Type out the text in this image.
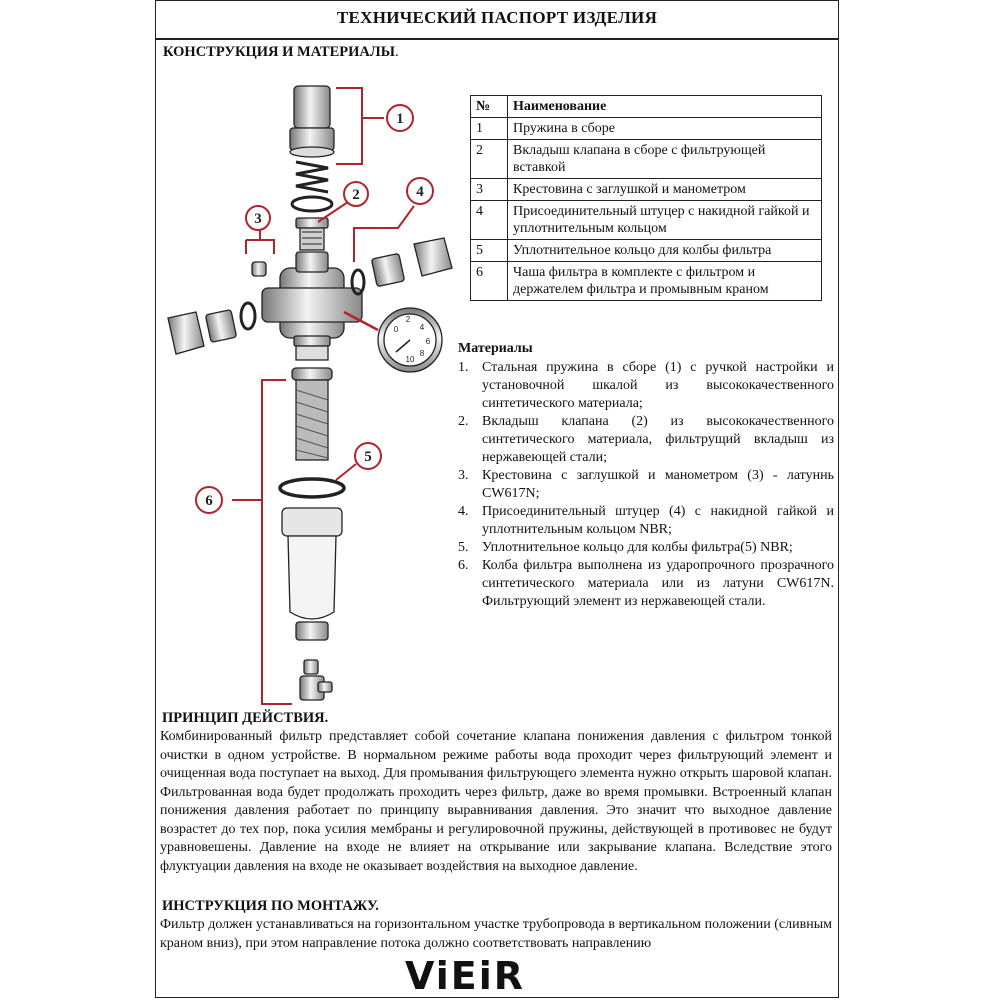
ТЕХНИЧЕСКИЙ ПАСПОРТ ИЗДЕЛИЯ
КОНСТРУКЦИЯ И МАТЕРИАЛЫ.
2
4
6
8
10
0
1
2
3
4
5
6
№	Наименование
1	Пружина в сборе
2	Вкладыш клапана в сборе с фильтрующей вставкой
3	Крестовина с заглушкой и манометром
4	Присоединительный штуцер с накидной гайкой и уплотнительным кольцом
5	Уплотнительное кольцо для колбы фильтра
6	Чаша фильтра в комплекте с фильтром и держателем фильтра и промывным краном
Материалы
1. Стальная пружина в сборе (1) с ручкой настройки и установочной шкалой из высококачественного синтетического материала;
2. Вкладыш клапана (2) из высококачественного синтетического материала, фильтрущий вкладыш из нержавеющей стали;
3. Крестовина с заглушкой и манометром (3) - латуннь CW617N;
4. Присоединительный штуцер (4) с накидной гайкой и уплотнительным кольцом NBR;
5. Уплотнительное кольцо для колбы фильтра(5) NBR;
6. Колба фильтра выполнена из ударопрочного прозрачного синтетического материала или из латуни CW617N. Фильтрующий элемент из нержавеющей стали.
ПРИНЦИП ДЕЙСТВИЯ.
Комбинированный фильтр представляет собой сочетание клапана понижения давления с фильтром тонкой очистки в одном устройстве. В нормальном режиме работы вода проходит через фильтрующий элемент и очищенная вода поступает на выход. Для промывания фильтрующего элемента нужно открыть шаровой клапан. Фильтрованная вода будет продолжать проходить через фильтр, даже во время промывки. Встроенный клапан понижения давления работает по принципу выравнивания давления. Это значит что выходное давление возрастет до тех пор, пока усилия мембраны и регулировочной пружины, действующей в противовес не будут уравновешены. Давление на входе не влияет на открывание или закрывание клапана. Вследствие этого флуктуации давления на входе не оказывает воздействия на выходное давление.
ИНСТРУКЦИЯ ПО МОНТАЖУ.
Фильтр должен устанавливаться на горизонтальном участке трубопровода в вертикальном положении (сливным краном вниз), при этом направление потока должно соответствовать направлению
ViEiR
